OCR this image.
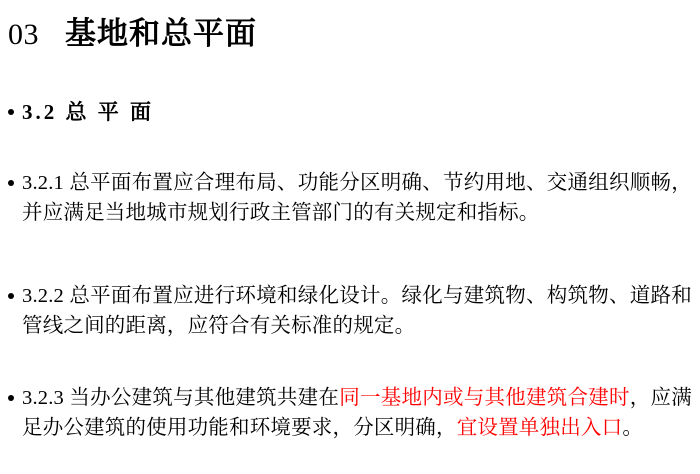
03 基地和总平面
3.2 总 平 面
3.2.1 总平面布置应合理布局、功能分区明确、节约用地、交通组织顺畅，并应满足当地城市规划行政主管部门的有关规定和指标。
3.2.2 总平面布置应进行环境和绿化设计。绿化与建筑物、构筑物、道路和管线之间的距离，应符合有关标准的规定。
3.2.3 当办公建筑与其他建筑共建在同一基地内或与其他建筑合建时，应满足办公建筑的使用功能和环境要求，分区明确，宜设置单独出入口。
